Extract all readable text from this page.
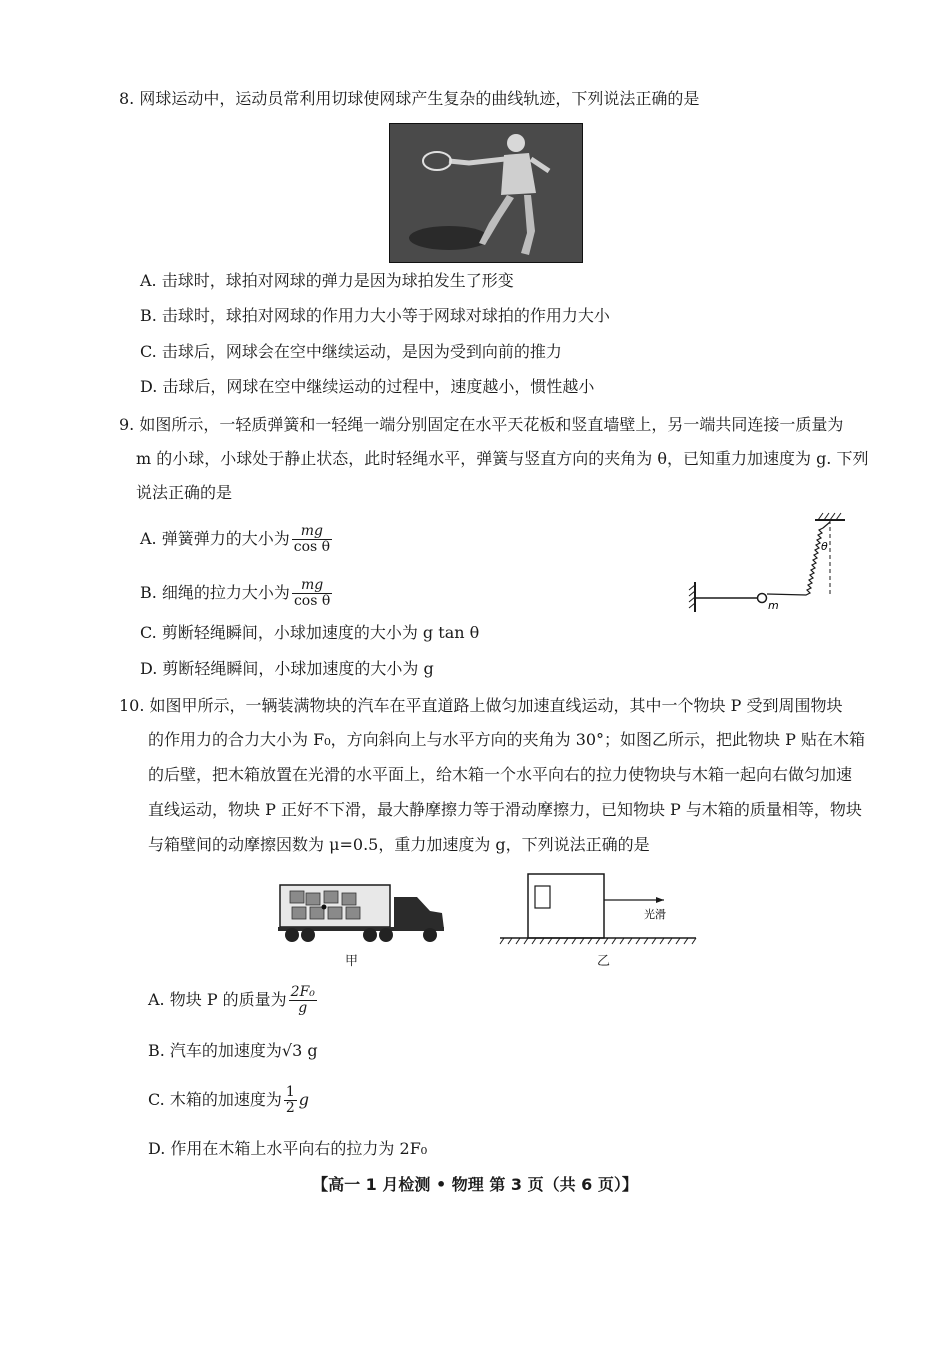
8. 网球运动中，运动员常利用切球使网球产生复杂的曲线轨迹，下列说法正确的是
A. 击球时，球拍对网球的弹力是因为球拍发生了形变
B. 击球时，球拍对网球的作用力大小等于网球对球拍的作用力大小
C. 击球后，网球会在空中继续运动，是因为受到向前的推力
D. 击球后，网球在空中继续运动的过程中，速度越小，惯性越小
9. 如图所示，一轻质弹簧和一轻绳一端分别固定在水平天花板和竖直墙壁上，另一端共同连接一质量为
m 的小球，小球处于静止状态，此时轻绳水平，弹簧与竖直方向的夹角为 θ，已知重力加速度为 g. 下列
说法正确的是
A. 弹簧弹力的大小为 $\frac{mg}{\text{cos θ}}$
B. 细绳的拉力大小为 $\frac{mg}{\text{cos θ}}$
C. 剪断轻绳瞬间，小球加速度的大小为 g tan θ
D. 剪断轻绳瞬间，小球加速度的大小为 g
m
θ
10. 如图甲所示，一辆装满物块的汽车在平直道路上做匀加速直线运动，其中一个物块 P 受到周围物块
的作用力的合力大小为 F₀，方向斜向上与水平方向的夹角为 30°；如图乙所示，把此物块 P 贴在木箱
的后壁，把木箱放置在光滑的水平面上，给木箱一个水平向右的拉力使物块与木箱一起向右做匀加速
直线运动，物块 P 正好不下滑，最大静摩擦力等于滑动摩擦力，已知物块 P 与木箱的质量相等，物块
与箱壁间的动摩擦因数为 μ=0.5，重力加速度为 g，下列说法正确的是
甲
光滑
乙
A. 物块 P 的质量为 $\frac{\text{2F₀}}{g}$
B. 汽车的加速度为√3 g
C. 木箱的加速度为 $\frac{1}{2}$ g
D. 作用在木箱上水平向右的拉力为 2F₀
【高一 1 月检测 • 物理 第 3 页（共 6 页）】
